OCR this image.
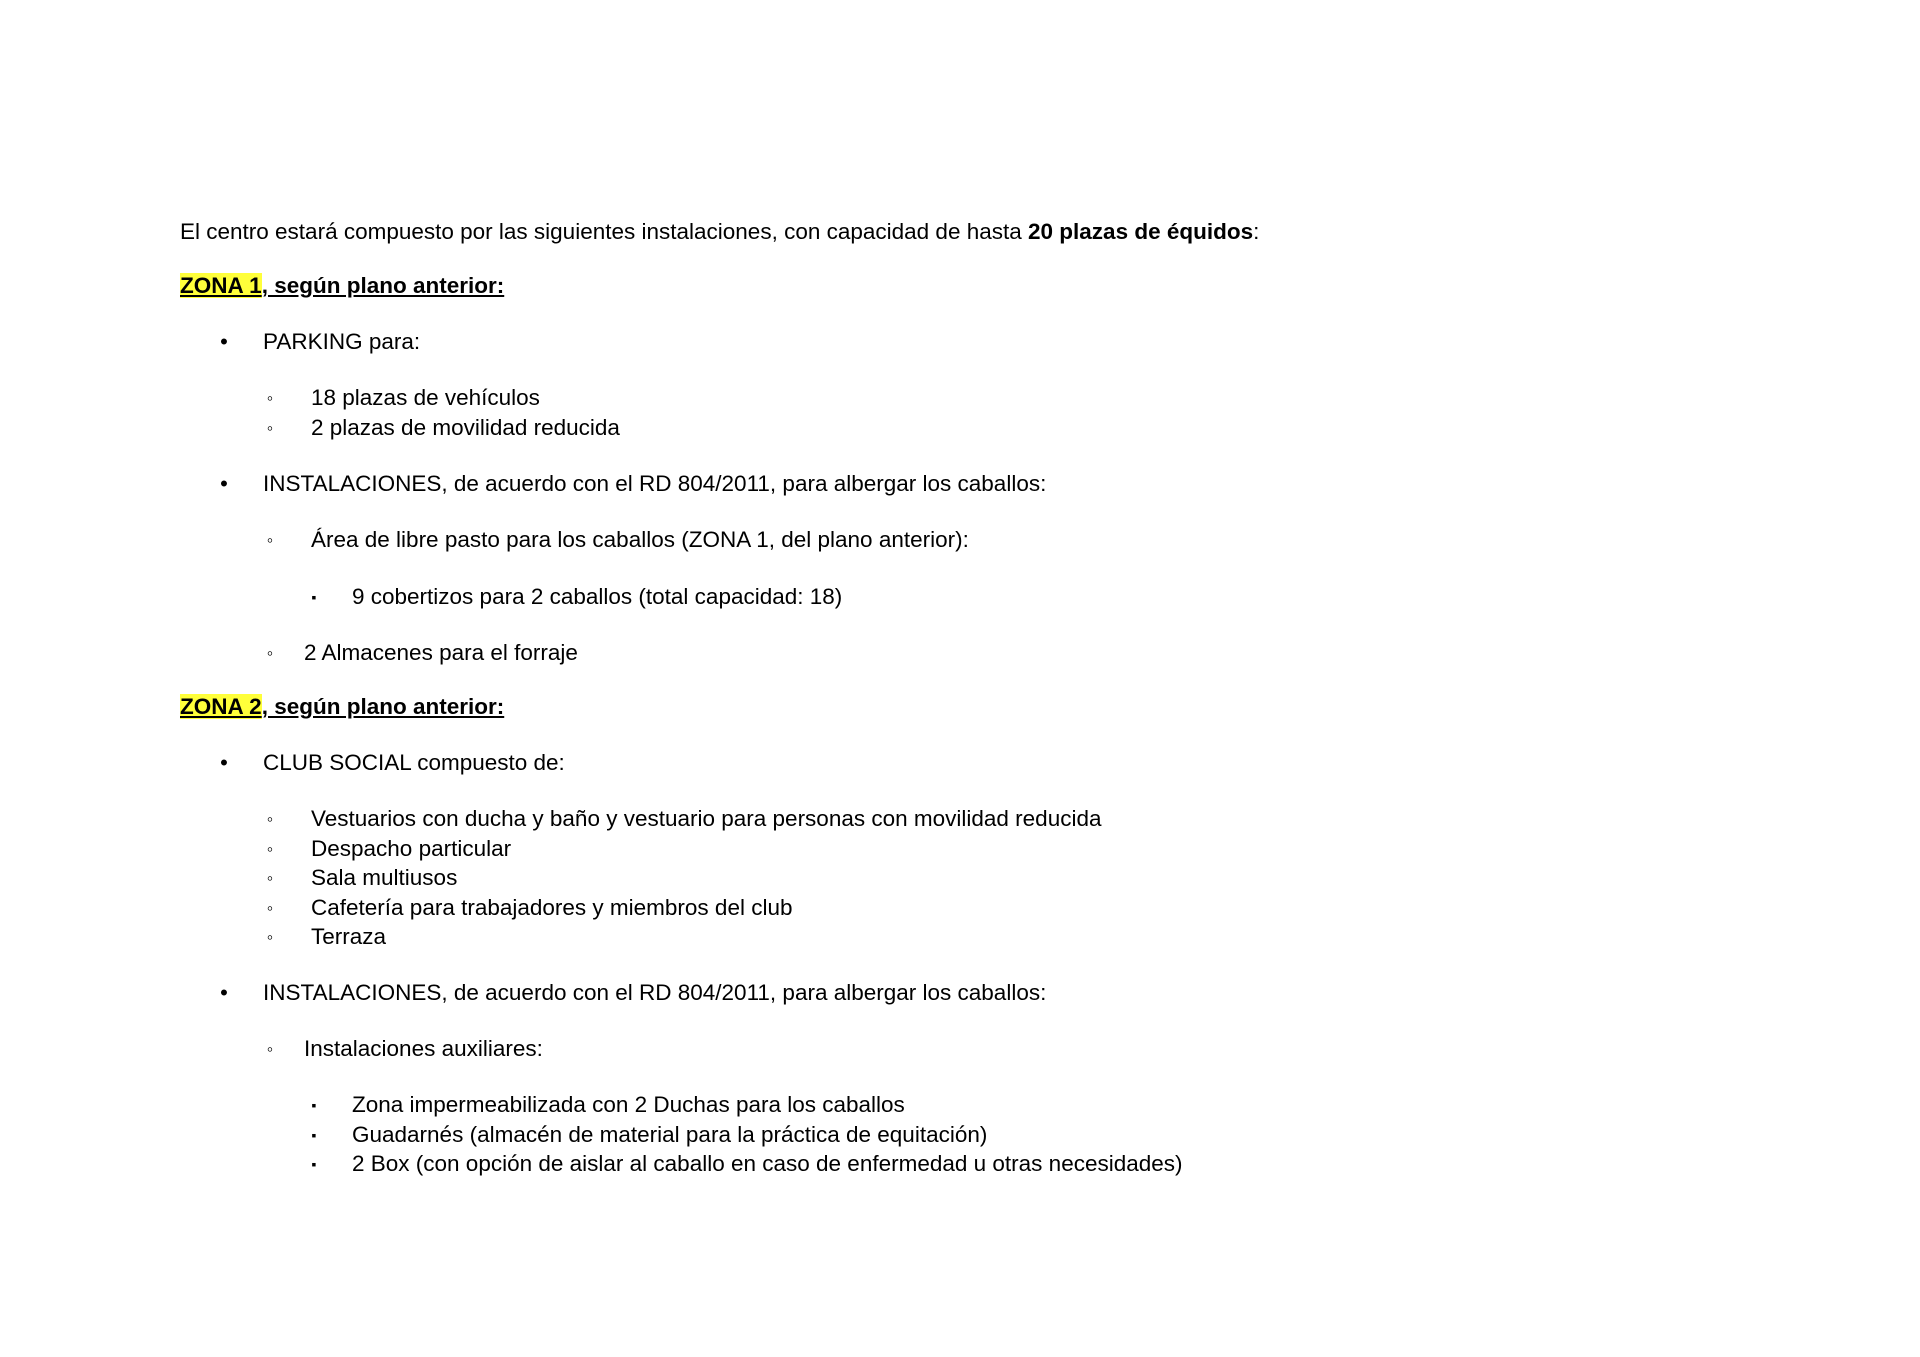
El centro estará compuesto por las siguientes instalaciones, con capacidad de hasta 20 plazas de équidos:
ZONA 1, según plano anterior:
• PARKING para:
◦	18 plazas de vehículos
◦	2 plazas de movilidad reducida
• INSTALACIONES, de acuerdo con el RD 804/2011, para albergar los caballos:
◦	Área de libre pasto para los caballos (ZONA 1, del plano anterior):
▪	9 cobertizos para 2 caballos (total capacidad: 18)
◦	2 Almacenes para el forraje
ZONA 2, según plano anterior:
• CLUB SOCIAL compuesto de:
◦	Vestuarios con ducha y baño y vestuario para personas con movilidad reducida
◦	Despacho particular
◦	Sala multiusos
◦	Cafetería para trabajadores y miembros del club
◦	Terraza
• INSTALACIONES, de acuerdo con el RD 804/2011, para albergar los caballos:
◦	Instalaciones auxiliares:
▪	Zona impermeabilizada con 2 Duchas para los caballos
▪	Guadarnés (almacén de material para la práctica de equitación)
▪	2 Box (con opción de aislar al caballo en caso de enfermedad u otras necesidades)
